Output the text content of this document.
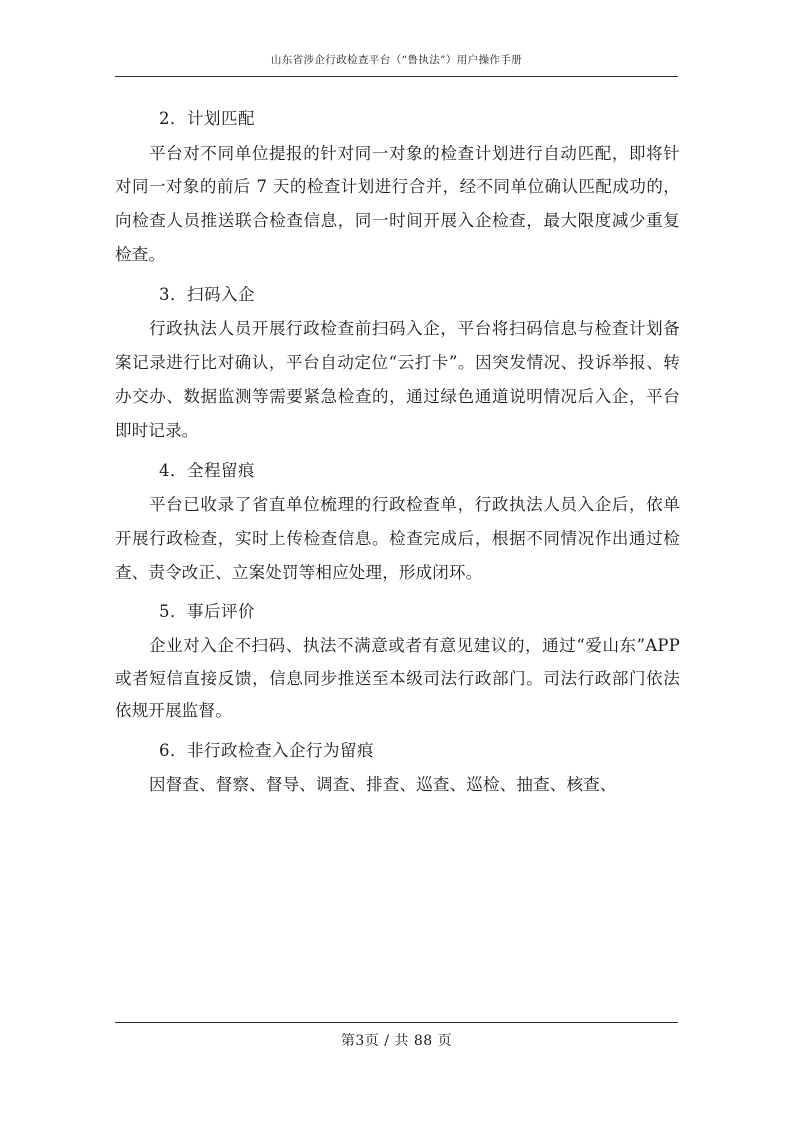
山东省涉企行政检查平台（“鲁执法”）用户操作手册
2．计划匹配
平台对不同单位提报的针对同一对象的检查计划进行自动匹配，即将针对同一对象的前后 7 天的检查计划进行合并，经不同单位确认匹配成功的，向检查人员推送联合检查信息，同一时间开展入企检查，最大限度减少重复检查。
3．扫码入企
行政执法人员开展行政检查前扫码入企，平台将扫码信息与检查计划备案记录进行比对确认，平台自动定位“云打卡”。因突发情况、投诉举报、转办交办、数据监测等需要紧急检查的，通过绿色通道说明情况后入企，平台即时记录。
4．全程留痕
平台已收录了省直单位梳理的行政检查单，行政执法人员入企后，依单开展行政检查，实时上传检查信息。检查完成后，根据不同情况作出通过检查、责令改正、立案处罚等相应处理，形成闭环。
5．事后评价
企业对入企不扫码、执法不满意或者有意见建议的，通过“爱山东”APP 或者短信直接反馈，信息同步推送至本级司法行政部门。司法行政部门依法依规开展监督。
6．非行政检查入企行为留痕
因督查、督察、督导、调查、排查、巡查、巡检、抽查、核查、
第3页 / 共 88 页
